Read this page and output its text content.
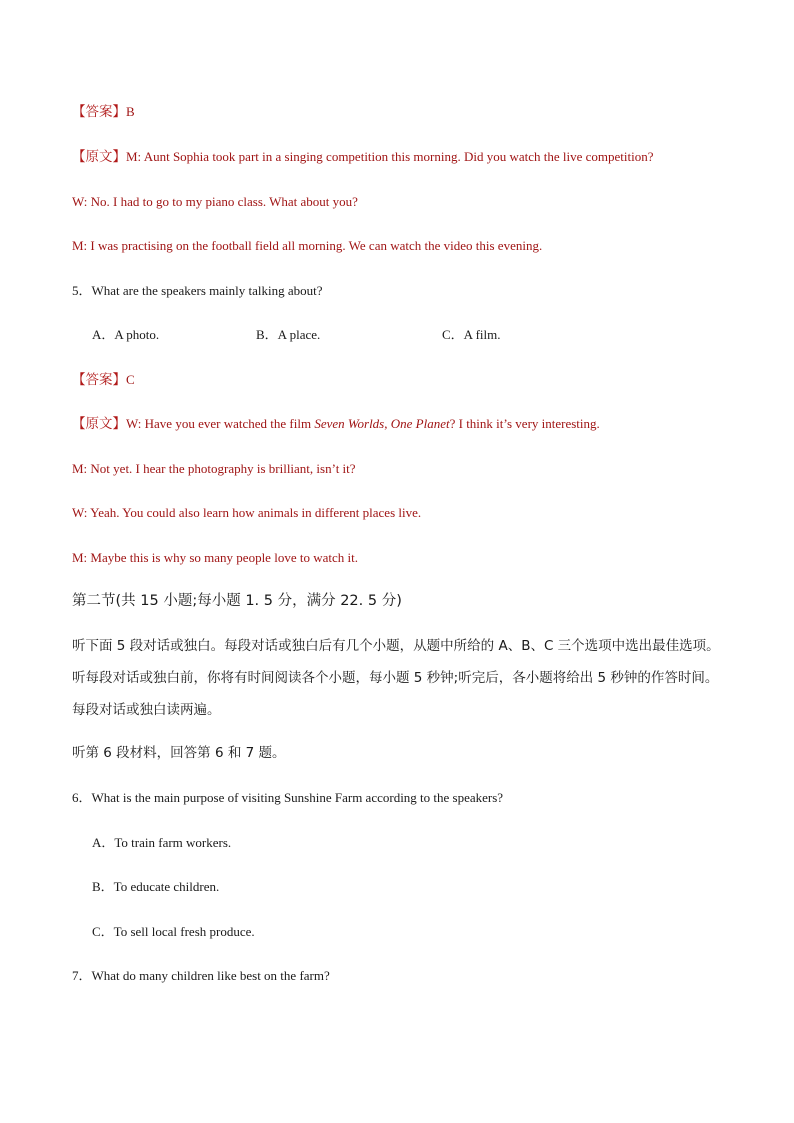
【答案】B
【原文】M: Aunt Sophia took part in a singing competition this morning. Did you watch the live competition?
W: No. I had to go to my piano class. What about you?
M: I was practising on the football field all morning. We can watch the video this evening.
5．What are the speakers mainly talking about?
A．A photo.	B．A place.	C．A film.
【答案】C
【原文】W: Have you ever watched the film Seven Worlds, One Planet? I think it’s very interesting.
M: Not yet. I hear the photography is brilliant, isn’t it?
W: Yeah. You could also learn how animals in different places live.
M: Maybe this is why so many people love to watch it.
第二节(共 15 小题;每小题 1. 5 分，满分 22. 5 分)
听下面 5 段对话或独白。每段对话或独白后有几个小题，从题中所给的 A、B、C 三个选项中选出最佳选项。
听每段对话或独白前，你将有时间阅读各个小题，每小题 5 秒钟;听完后，各小题将给出 5 秒钟的作答时间。
每段对话或独白读两遍。
听第 6 段材料，回答第 6 和 7 题。
6．What is the main purpose of visiting Sunshine Farm according to the speakers?
A．To train farm workers.
B．To educate children.
C．To sell local fresh produce.
7．What do many children like best on the farm?
